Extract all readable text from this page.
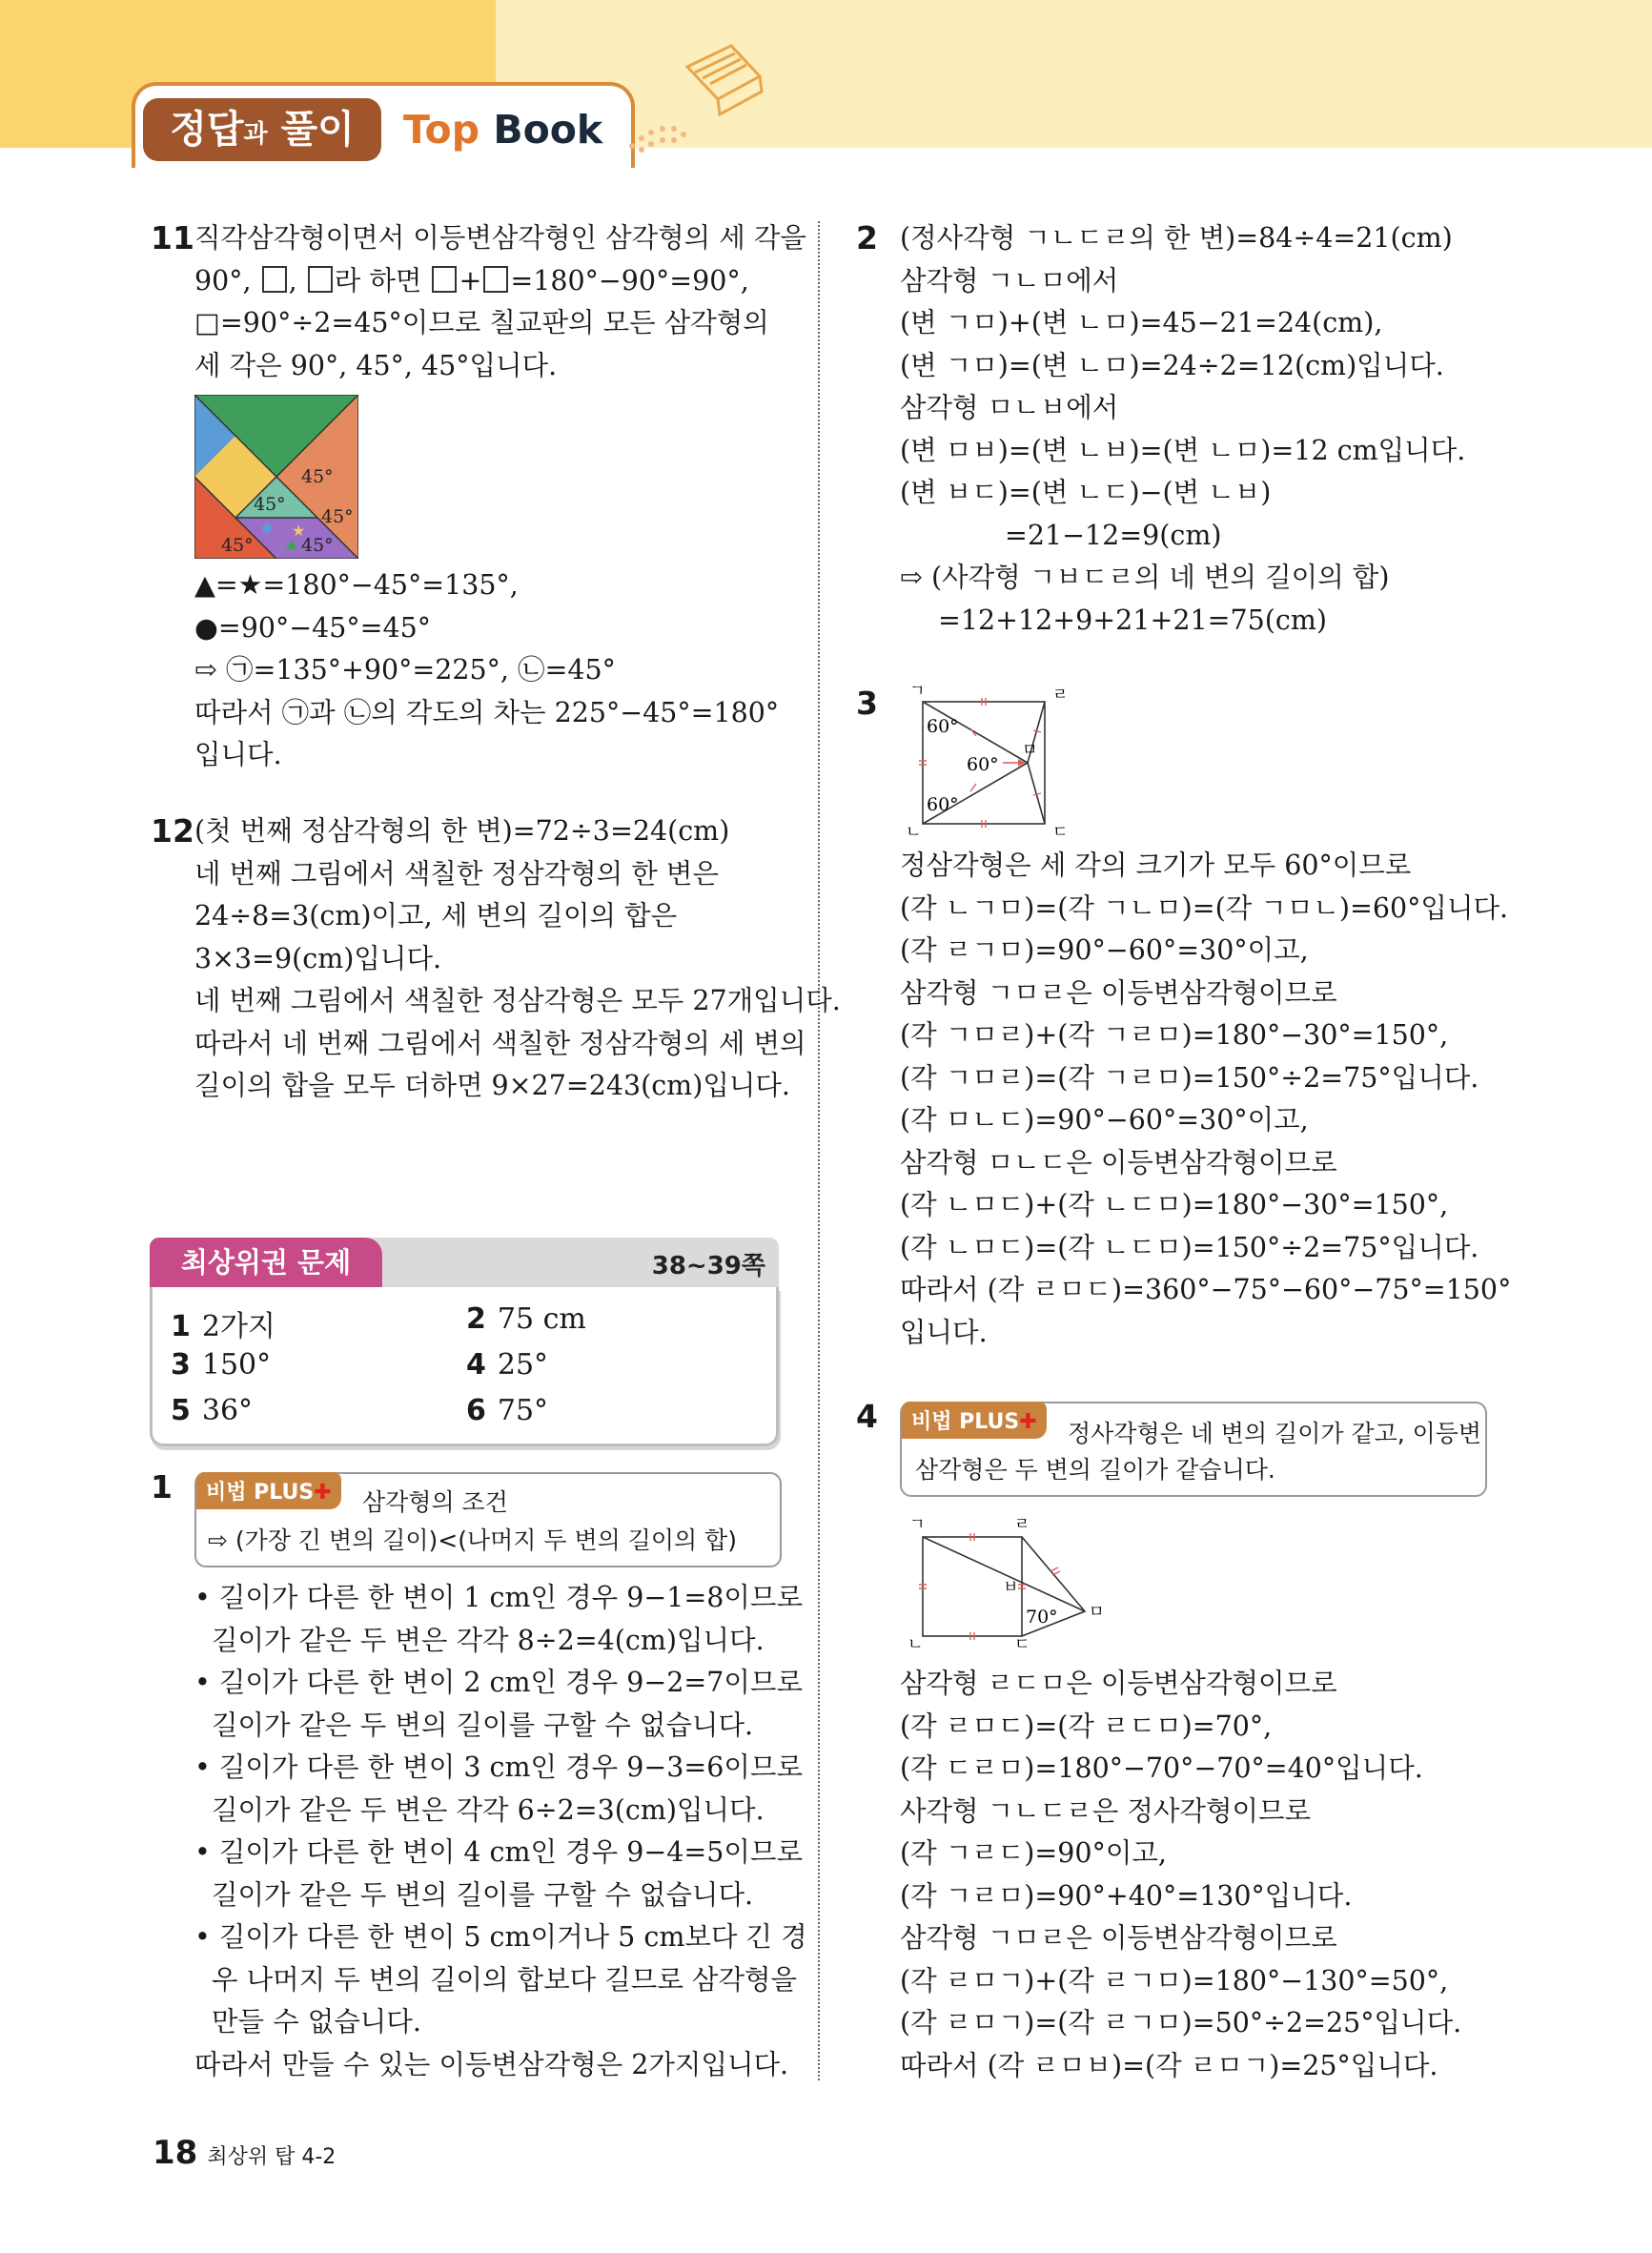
정답과 풀이	Top Book
11 직각삼각형이면서 이등변삼각형인 삼각형의 세 각을
90°, , 라 하면 + =180°−90°=90°,
□=90°÷2=45°이므로 칠교판의 모든 삼각형의
세 각은 90°, 45°, 45°입니다.
45°
45°
45°
45°	45°
★
▲=★=180°−45°=135°,
●=90°−45°=45°
⇨ ㉠=135°+90°=225°, ㉡=45°
따라서 ㉠과 ㉡의 각도의 차는 225°−45°=180°
입니다.
12 (첫 번째 정삼각형의 한 변)=72÷3=24(cm)
네 번째 그림에서 색칠한 정삼각형의 한 변은
24÷8=3(cm)이고, 세 변의 길이의 합은
3×3=9(cm)입니다.
네 번째 그림에서 색칠한 정삼각형은 모두 27개입니다.
따라서 네 번째 그림에서 색칠한 정삼각형의 세 변의
길이의 합을 모두 더하면 9×27=243(cm)입니다.
최상위권 문제	38~39쪽
1 2가지	2 75 cm
3 150°	4 25°
5 36°	6 75°
1	비법 PLUS✚	삼각형의 조건
⇨ (가장 긴 변의 길이)<(나머지 두 변의 길이의 합)
• 길이가 다른 한 변이 1 cm인 경우 9−1=8이므로
길이가 같은 두 변은 각각 8÷2=4(cm)입니다.
• 길이가 다른 한 변이 2 cm인 경우 9−2=7이므로
길이가 같은 두 변의 길이를 구할 수 없습니다.
• 길이가 다른 한 변이 3 cm인 경우 9−3=6이므로
길이가 같은 두 변은 각각 6÷2=3(cm)입니다.
• 길이가 다른 한 변이 4 cm인 경우 9−4=5이므로
길이가 같은 두 변의 길이를 구할 수 없습니다.
• 길이가 다른 한 변이 5 cm이거나 5 cm보다 긴 경
우 나머지 두 변의 길이의 합보다 길므로 삼각형을
만들 수 없습니다.
따라서 만들 수 있는 이등변삼각형은 2가지입니다.
2 (정사각형 ㄱㄴㄷㄹ의 한 변)=84÷4=21(cm)
삼각형 ㄱㄴㅁ에서
(변 ㄱㅁ)+(변 ㄴㅁ)=45−21=24(cm),
(변 ㄱㅁ)=(변 ㄴㅁ)=24÷2=12(cm)입니다.
삼각형 ㅁㄴㅂ에서
(변 ㅁㅂ)=(변 ㄴㅂ)=(변 ㄴㅁ)=12 cm입니다.
(변 ㅂㄷ)=(변 ㄴㄷ)−(변 ㄴㅂ)
=21−12=9(cm)
⇨ (사각형 ㄱㅂㄷㄹ의 네 변의 길이의 합)
=12+12+9+21+21=75(cm)
3 ㄱ	ㄹ
ㄴ	ㄷ
ㅁ
60°
60°
60°
정삼각형은 세 각의 크기가 모두 60°이므로
(각 ㄴㄱㅁ)=(각 ㄱㄴㅁ)=(각 ㄱㅁㄴ)=60°입니다.
(각 ㄹㄱㅁ)=90°−60°=30°이고,
삼각형 ㄱㅁㄹ은 이등변삼각형이므로
(각 ㄱㅁㄹ)+(각 ㄱㄹㅁ)=180°−30°=150°,
(각 ㄱㅁㄹ)=(각 ㄱㄹㅁ)=150°÷2=75°입니다.
(각 ㅁㄴㄷ)=90°−60°=30°이고,
삼각형 ㅁㄴㄷ은 이등변삼각형이므로
(각 ㄴㅁㄷ)+(각 ㄴㄷㅁ)=180°−30°=150°,
(각 ㄴㅁㄷ)=(각 ㄴㄷㅁ)=150°÷2=75°입니다.
따라서 (각 ㄹㅁㄷ)=360°−75°−60°−75°=150°
입니다.
4	비법 PLUS✚	정사각형은 네 변의 길이가 같고, 이등변
삼각형은 두 변의 길이가 같습니다.
ㄱ	ㄹ
ㄴ	ㄷ
ㅂ
ㅁ
70°
삼각형 ㄹㄷㅁ은 이등변삼각형이므로
(각 ㄹㅁㄷ)=(각 ㄹㄷㅁ)=70°,
(각 ㄷㄹㅁ)=180°−70°−70°=40°입니다.
사각형 ㄱㄴㄷㄹ은 정사각형이므로
(각 ㄱㄹㄷ)=90°이고,
(각 ㄱㄹㅁ)=90°+40°=130°입니다.
삼각형 ㄱㅁㄹ은 이등변삼각형이므로
(각 ㄹㅁㄱ)+(각 ㄹㄱㅁ)=180°−130°=50°,
(각 ㄹㅁㄱ)=(각 ㄹㄱㅁ)=50°÷2=25°입니다.
따라서 (각 ㄹㅁㅂ)=(각 ㄹㅁㄱ)=25°입니다.
18 최상위 탑 4-2
